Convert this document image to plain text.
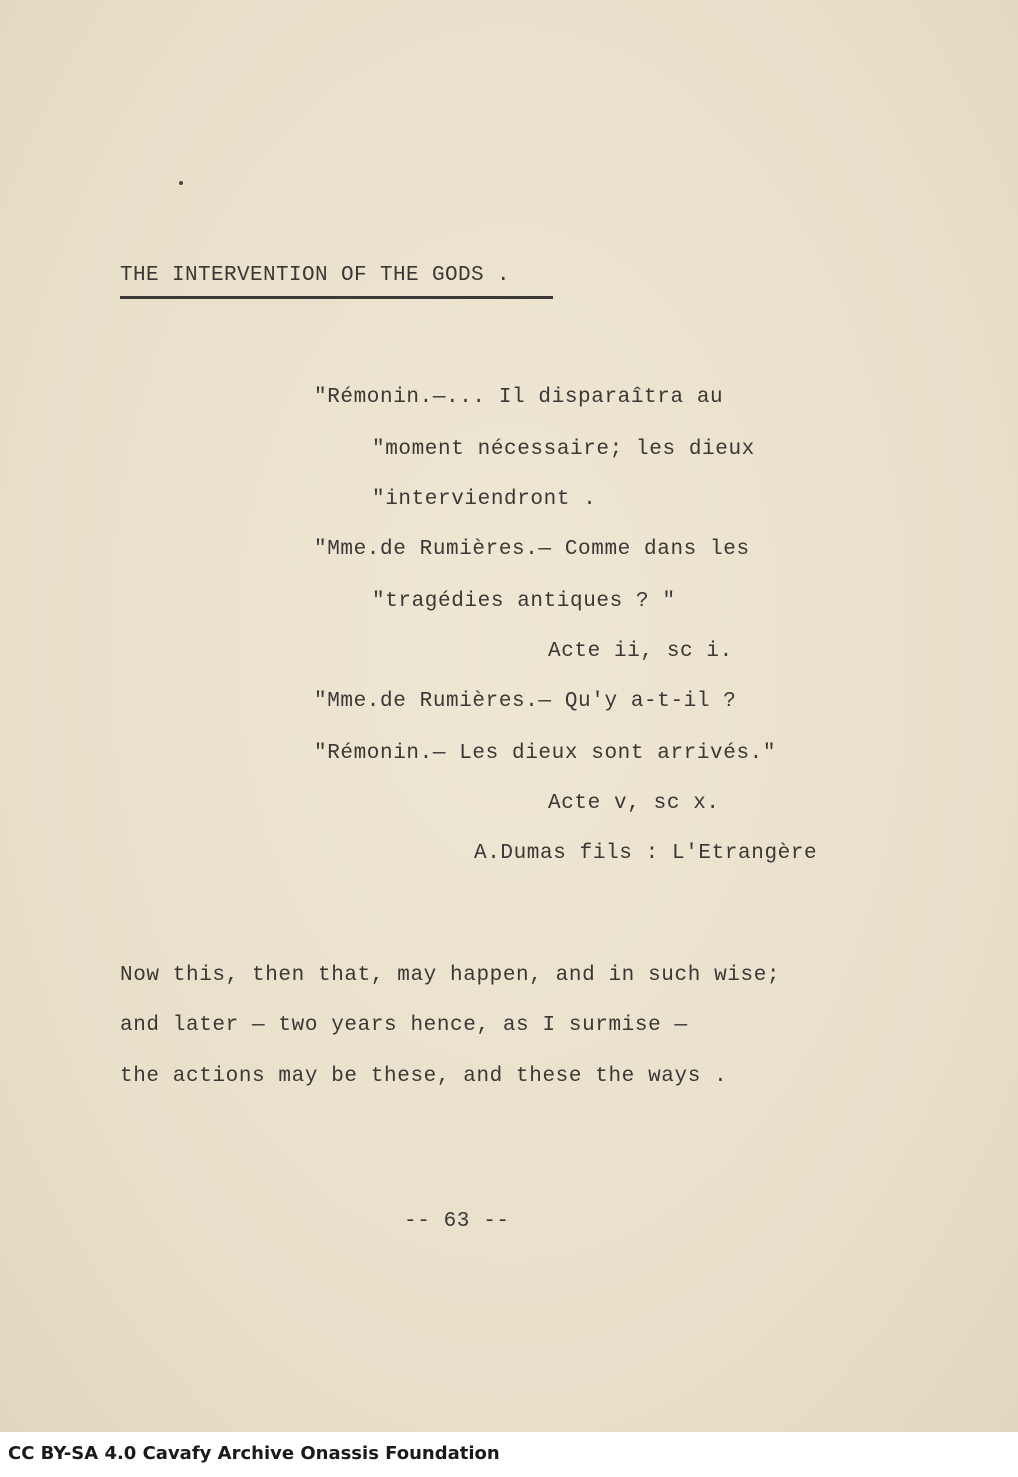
THE INTERVENTION OF THE GODS .
"Rémonin.—... Il disparaîtra au
"moment nécessaire; les dieux
"interviendront .
"Mme.de Rumières.— Comme dans les
"tragédies antiques ? "
Acte ii, sc i.
"Mme.de Rumières.— Qu'y a-t-il ?
"Rémonin.— Les dieux sont arrivés."
Acte v, sc x.
A.Dumas fils : L'Etrangère
Now this, then that, may happen, and in such wise;
and later — two years hence, as I surmise —
the actions may be these, and these the ways .
-- 63 --
CC BY-SA 4.0 Cavafy Archive Onassis Foundation
